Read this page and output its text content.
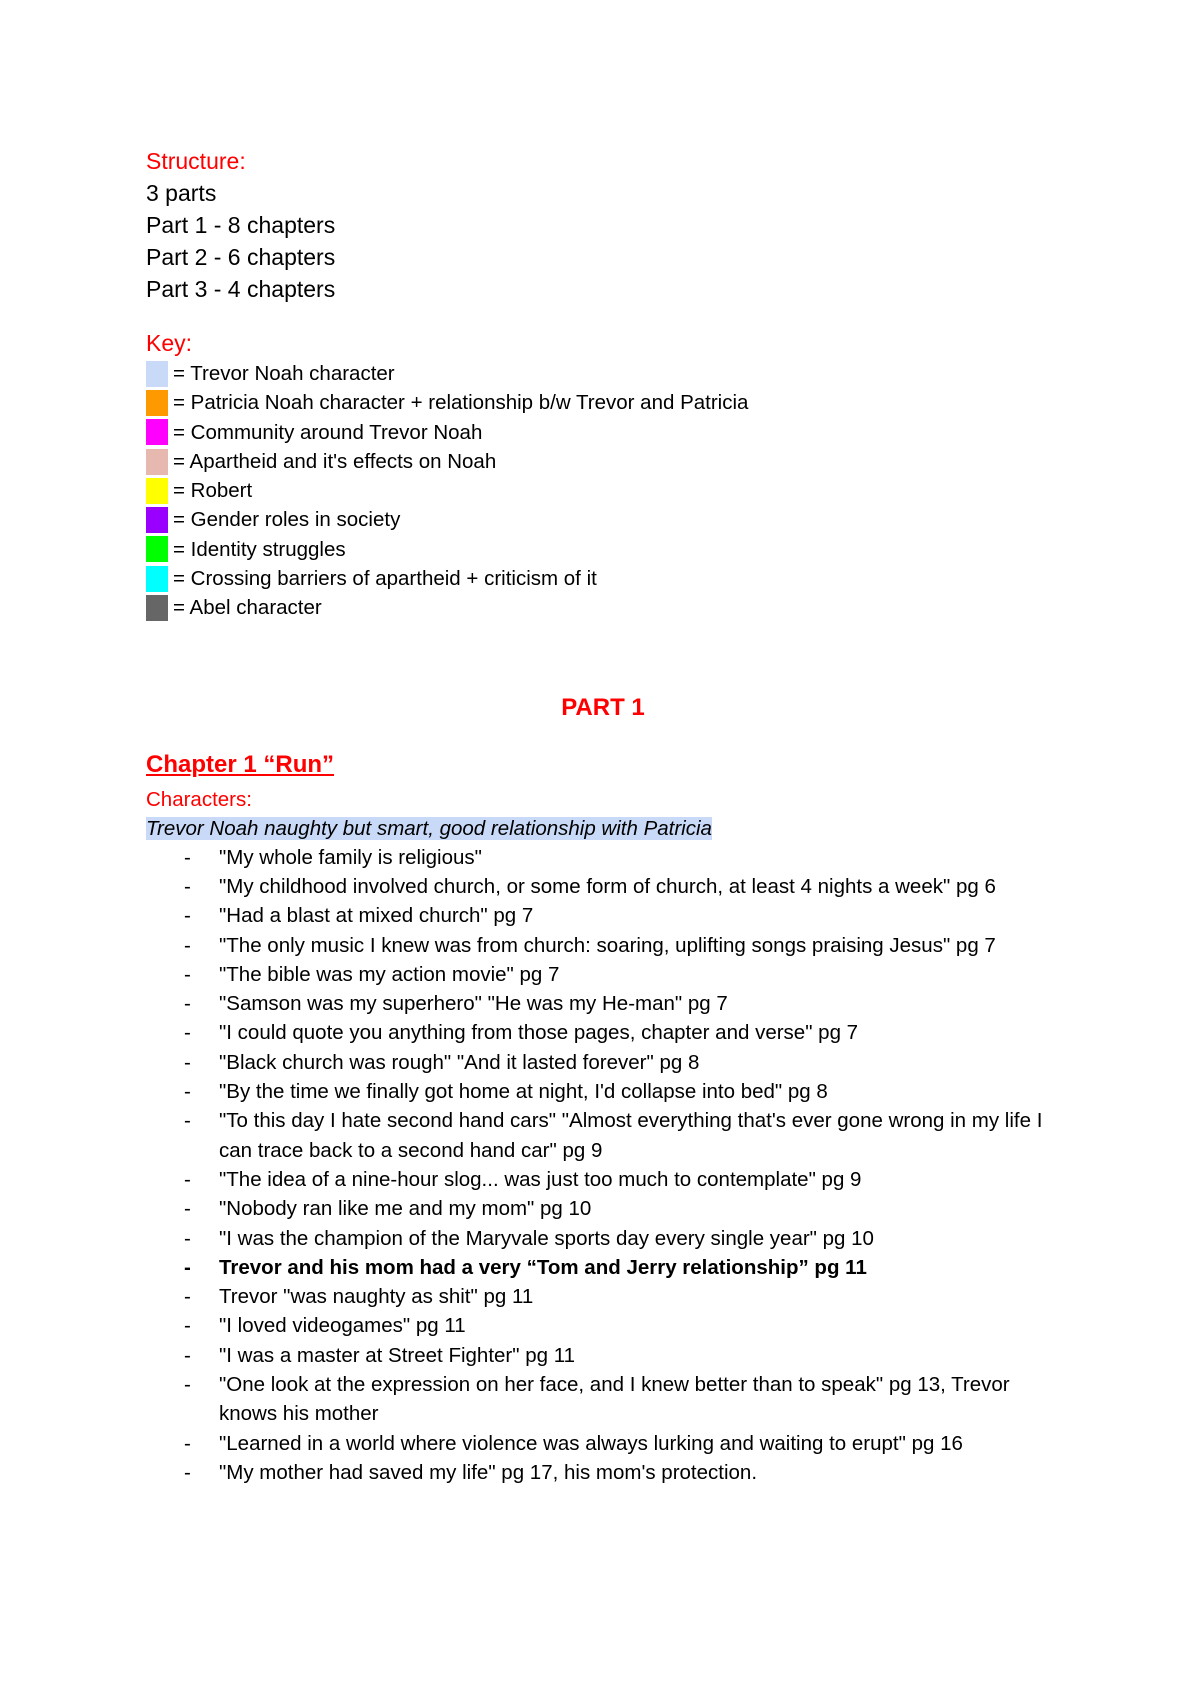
Structure:
3 parts
Part 1 - 8 chapters
Part 2 - 6 chapters
Part 3 - 4 chapters
Key:
= Trevor Noah character
= Patricia Noah character + relationship b/w Trevor and Patricia
= Community around Trevor Noah
= Apartheid and it's effects on Noah
= Robert
= Gender roles in society
= Identity struggles
= Crossing barriers of apartheid + criticism of it
= Abel character
PART 1
Chapter 1 “Run”
Characters:
Trevor Noah naughty but smart, good relationship with Patricia
- "My whole family is religious"
- "My childhood involved church, or some form of church, at least 4 nights a week" pg 6
- "Had a blast at mixed church" pg 7
- "The only music I knew was from church: soaring, uplifting songs praising Jesus" pg 7
- "The bible was my action movie" pg 7
- "Samson was my superhero" "He was my He-man" pg 7
- "I could quote you anything from those pages, chapter and verse" pg 7
- "Black church was rough" "And it lasted forever" pg 8
- "By the time we finally got home at night, I'd collapse into bed" pg 8
- "To this day I hate second hand cars" "Almost everything that's ever gone wrong in my life I can trace back to a second hand car" pg 9
- "The idea of a nine-hour slog... was just too much to contemplate" pg 9
- "Nobody ran like me and my mom" pg 10
- "I was the champion of the Maryvale sports day every single year" pg 10
- Trevor and his mom had a very “Tom and Jerry relationship” pg 11
- Trevor "was naughty as shit" pg 11
- "I loved videogames" pg 11
- "I was a master at Street Fighter" pg 11
- "One look at the expression on her face, and I knew better than to speak" pg 13, Trevor knows his mother
- "Learned in a world where violence was always lurking and waiting to erupt" pg 16
- "My mother had saved my life" pg 17, his mom's protection.
